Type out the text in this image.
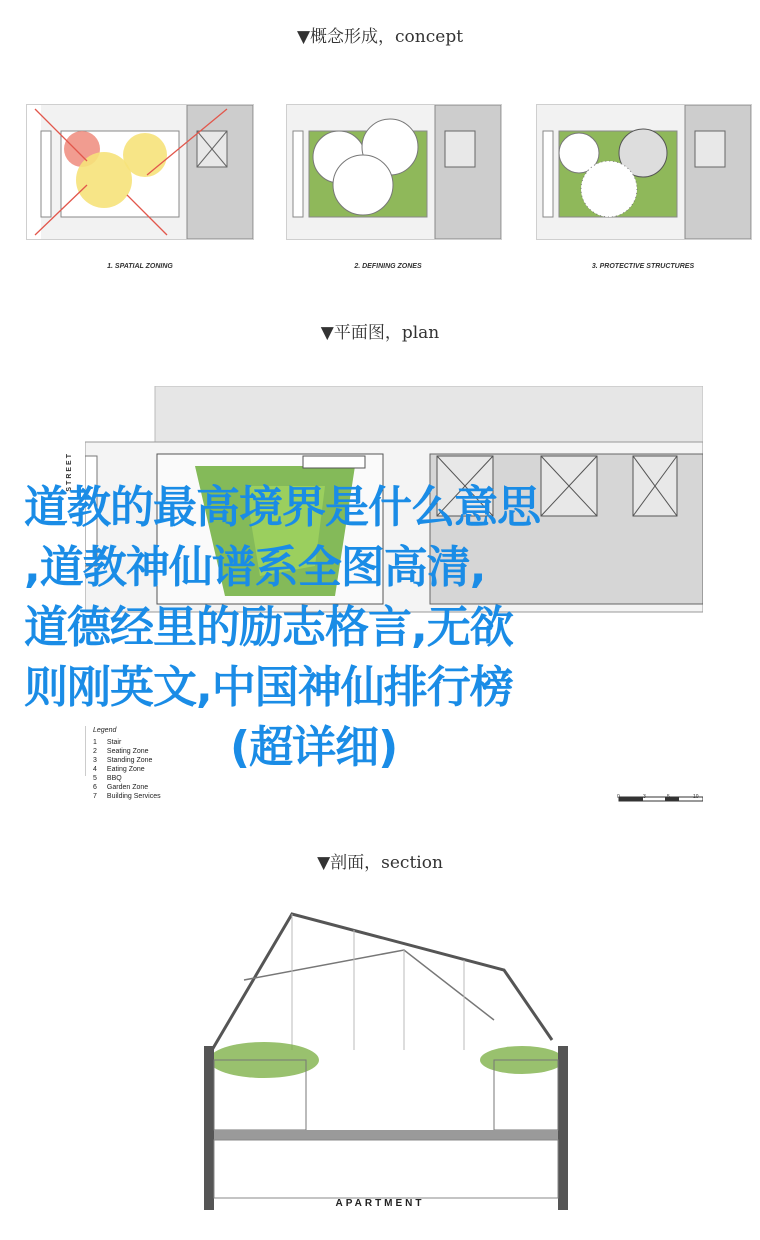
▼概念形成，concept
1. SPATIAL ZONING	2. DEFINING ZONES	3. PROTECTIVE STRUCTURES
▼平面图，plan
STREET
0	3	5	10
Legend
1 Stair
2 Seating Zone
3 Standing Zone
4 Eating Zone
5 BBQ
6 Garden Zone
7 Building Services
道教的最高境界是什么意思
,道教神仙谱系全图高清,
道德经里的励志格言,无欲
则刚英文,中国神仙排行榜
(超详细)
▼剖面，section
APARTMENT
